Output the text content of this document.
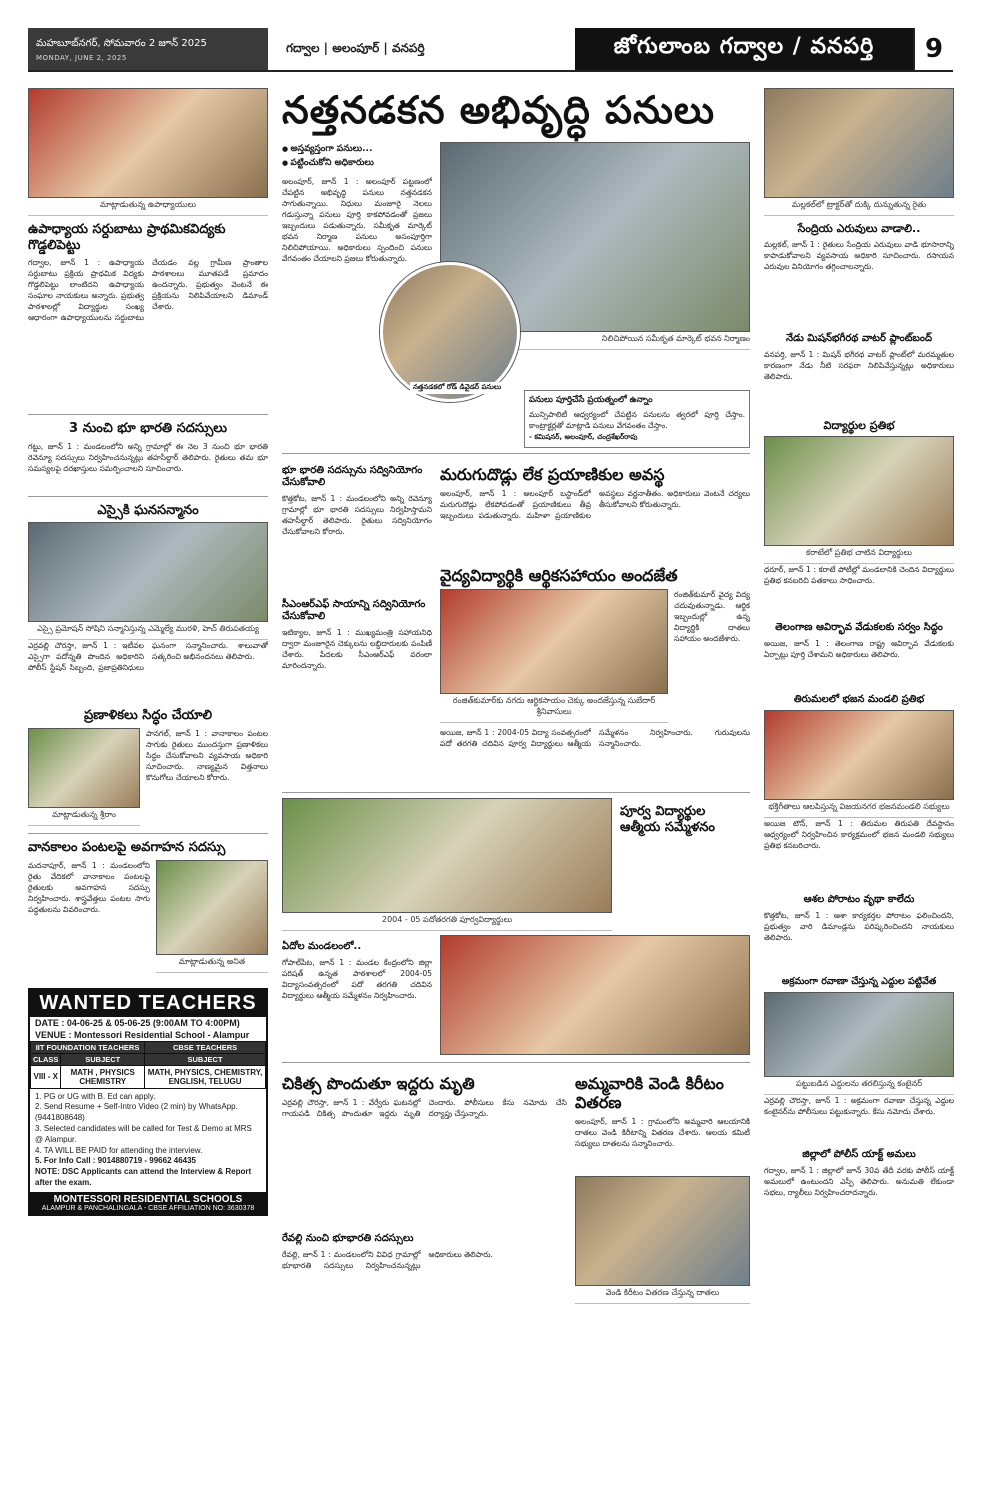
మహబూబ్‌నగర్, సోమవారం 2 జూన్ 2025
MONDAY, JUNE 2, 2025
గద్వాల | అలంపూర్ | వనపర్తి	జోగులాంబ గద్వాల / వనపర్తి	9
మాట్లాడుతున్న ఉపాధ్యాయులు
ఉపాధ్యాయ సర్దుబాటు ప్రాథమికవిద్యకు గొడ్డలిపెట్టు
గద్వాల, జూన్ 1 : ఉపాధ్యాయ సర్దుబాటు ప్రక్రియ ప్రాథమిక విద్యకు గొడ్డలిపెట్టు లాంటిదని ఉపాధ్యాయ సంఘాల నాయకులు అన్నారు. ప్రభుత్వ పాఠశాలల్లో విద్యార్థుల సంఖ్య ఆధారంగా ఉపాధ్యాయులను సర్దుబాటు చేయడం వల్ల గ్రామీణ ప్రాంతాల పాఠశాలలు మూతపడే ప్రమాదం ఉందన్నారు. ప్రభుత్వం వెంటనే ఈ ప్రక్రియను నిలిపివేయాలని డిమాండ్ చేశారు.
3 నుంచి భూ భారతి సదస్సులు
గట్టు, జూన్ 1 : మండలంలోని అన్ని గ్రామాల్లో ఈ నెల 3 నుంచి భూ భారతి రెవెన్యూ సదస్సులు నిర్వహించనున్నట్లు తహసీల్దార్ తెలిపారు. రైతులు తమ భూ సమస్యలపై దరఖాస్తులు సమర్పించాలని సూచించారు.
ఎస్సైకి ఘనసన్మానం
ఎస్సై ప్రమోషన్ సోషిని సన్మానిస్తున్న ఎమ్మెల్యే మురళి, హెచ్ తిరుపతయ్య
ఎర్రవల్లి చౌరస్తా, జూన్ 1 : ఇటీవల ఎస్సైగా పదోన్నతి పొందిన అధికారిని పోలీస్ స్టేషన్ సిబ్బంది, ప్రజాప్రతినిధులు ఘనంగా సన్మానించారు. శాలువాతో సత్కరించి అభినందనలు తెలిపారు.
ప్రణాళికలు సిద్ధం చేయాలి
మాట్లాడుతున్న శ్రీరాం
పానగల్, జూన్ 1 : వానాకాలం పంటల సాగుకు రైతులు ముందస్తుగా ప్రణాళికలు సిద్ధం చేసుకోవాలని వ్యవసాయ అధికారి సూచించారు. నాణ్యమైన విత్తనాలు కొనుగోలు చేయాలని కోరారు.
వానకాలం పంటలపై అవగాహన సదస్సు
మదనాపూర్, జూన్ 1 : మండలంలోని రైతు వేదికలో వానాకాలం పంటలపై రైతులకు అవగాహన సదస్సు నిర్వహించారు. శాస్త్రవేత్తలు పంటల సాగు పద్ధతులను వివరించారు.
మాట్లాడుతున్న అనిత
WANTED TEACHERS
DATE : 04-06-25 & 05-06-25 (9:00AM TO 4:00PM)
VENUE : Montessori Residential School - Alampur
IIT FOUNDATION TEACHERS		CBSE TEACHERS
CLASS	SUBJECT	SUBJECT
VIII - X	MATH , PHYSICS CHEMISTRY	MATH, PHYSICS, CHEMISTRY, ENGLISH, TELUGU
1. PG or UG with B. Ed can apply.
2. Send Resume + Self-Intro Video (2 min) by WhatsApp. (9441808648)
3. Selected candidates will be called for Test & Demo at MRS @ Alampur.
4. TA WILL BE PAID for attending the interview.
5. For Info Call : 9014880719 - 99662 46435
NOTE: DSC Applicants can attend the Interview & Report after the exam.
MONTESSORI RESIDENTIAL SCHOOLS
ALAMPUR & PANCHALINGALA - CBSE AFFILIATION NO: 3630378
నత్తనడకన అభివృద్ధి పనులు
● అస్తవ్యస్తంగా పనులు...
● పట్టించుకోని అధికారులు
అలంపూర్, జూన్ 1 : అలంపూర్ పట్టణంలో చేపట్టిన అభివృద్ధి పనులు నత్తనడకన సాగుతున్నాయి. నిధులు మంజూరై నెలలు గడుస్తున్నా పనులు పూర్తి కాకపోవడంతో ప్రజలు ఇబ్బందులు పడుతున్నారు. సమీకృత మార్కెట్ భవన నిర్మాణ పనులు అసంపూర్తిగా నిలిచిపోయాయి. అధికారులు స్పందించి పనులు వేగవంతం చేయాలని ప్రజలు కోరుతున్నారు.
నిలిచిపోయిన సమీకృత మార్కెట్ భవన నిర్మాణం
నత్తనడకలో రోడ్ డివైడర్ పనులు
పనులు పూర్తిచేసే ప్రయత్నంలో ఉన్నాం
మున్సిపాలిటీ ఆధ్వర్యంలో చేపట్టిన పనులను త్వరలో పూర్తి చేస్తాం. కాంట్రాక్టర్లతో మాట్లాడి పనులు వేగవంతం చేస్తాం.
- కమిషనర్, అలంపూర్, చంద్రశేఖర్‌రావు
భూ భారతి సదస్సును సద్వినియోగం చేసుకోవాలి
కొత్తకోట, జూన్ 1 : మండలంలోని అన్ని రెవెన్యూ గ్రామాల్లో భూ భారతి సదస్సులు నిర్వహిస్తామని తహసీల్దార్ తెలిపారు. రైతులు సద్వినియోగం చేసుకోవాలని కోరారు.
సీఎంఆర్‌ఎఫ్ సాయాన్ని సద్వినియోగం చేసుకోవాలి
ఇటిక్యాల, జూన్ 1 : ముఖ్యమంత్రి సహాయనిధి ద్వారా మంజూరైన చెక్కులను లబ్ధిదారులకు పంపిణీ చేశారు. పేదలకు సీఎంఆర్‌ఎఫ్ వరంలా మారిందన్నారు.
మరుగుదొడ్లు లేక ప్రయాణికుల అవస్థ
అలంపూర్, జూన్ 1 : అలంపూర్ బస్టాండ్‌లో మరుగుదొడ్లు లేకపోవడంతో ప్రయాణికులు తీవ్ర ఇబ్బందులు పడుతున్నారు. మహిళా ప్రయాణికుల అవస్థలు వర్ణనాతీతం. అధికారులు వెంటనే చర్యలు తీసుకోవాలని కోరుతున్నారు.
వైద్యవిద్యార్థికి ఆర్థికసహాయం అందజేత
రంజిత్‌కుమార్‌కు నగదు ఆర్థికసాయం చెక్కు అందజేస్తున్న సుబేదార్ శ్రీనివాసులు
రంజిత్‌కుమార్ వైద్య విద్య చదువుతున్నాడు. ఆర్థిక ఇబ్బందుల్లో ఉన్న విద్యార్థికి దాతలు సహాయం అందజేశారు.
అయిజ, జూన్ 1 : 2004-05 విద్యా సంవత్సరంలో పదో తరగతి చదివిన పూర్వ విద్యార్థులు ఆత్మీయ సమ్మేళనం నిర్వహించారు. గురువులను సన్మానించారు.
2004 - 05 పదోతరగతి పూర్వవిద్యార్థులు
పూర్వ విద్యార్థుల ఆత్మీయ సమ్మేళనం
ఏదోల మండలంలో..
గోపాల్‌పేట, జూన్ 1 : మండల కేంద్రంలోని జిల్లా పరిషత్ ఉన్నత పాఠశాలలో 2004-05 విద్యాసంవత్సరంలో పదో తరగతి చదివిన విద్యార్థులు ఆత్మీయ సమ్మేళనం నిర్వహించారు.
చికిత్స పొందుతూ ఇద్దరు మృతి
ఎర్రవల్లి చౌరస్తా, జూన్ 1 : వేర్వేరు ఘటనల్లో గాయపడి చికిత్స పొందుతూ ఇద్దరు మృతి చెందారు. పోలీసులు కేసు నమోదు చేసి దర్యాప్తు చేస్తున్నారు.
రేవల్లి నుంచి భూభారతి సదస్సులు
రేవల్లి, జూన్ 1 : మండలంలోని వివిధ గ్రామాల్లో భూభారతి సదస్సులు నిర్వహించనున్నట్లు అధికారులు తెలిపారు.
అమ్మవారికి వెండి కిరీటం వితరణ
అలంపూర్, జూన్ 1 : గ్రామంలోని అమ్మవారి ఆలయానికి దాతలు వెండి కిరీటాన్ని వితరణ చేశారు. ఆలయ కమిటీ సభ్యులు దాతలను సన్మానించారు.
వెండి కిరీటం వితరణ చేస్తున్న దాతలు
మల్లకల్‌లో ట్రాక్టర్‌తో దుక్కి దున్నుతున్న రైతు
సేంద్రియ ఎరువులు వాడాలి..
మల్లకల్, జూన్ 1 : రైతులు సేంద్రియ ఎరువులు వాడి భూసారాన్ని కాపాడుకోవాలని వ్యవసాయ అధికారి సూచించారు. రసాయన ఎరువుల వినియోగం తగ్గించాలన్నారు.
నేడు మిషన్‌భగీరథ వాటర్ ప్లాంట్‌బంద్
వనపర్తి, జూన్ 1 : మిషన్ భగీరథ వాటర్ ప్లాంట్‌లో మరమ్మతుల కారణంగా నేడు నీటి సరఫరా నిలిపివేస్తున్నట్లు అధికారులు తెలిపారు.
విద్యార్థుల ప్రతిభ
కరాటేలో ప్రతిభ చాటిన విద్యార్థులు
ధరూర్, జూన్ 1 : కరాటే పోటీల్లో మండలానికి చెందిన విద్యార్థులు ప్రతిభ కనబరిచి పతకాలు సాధించారు.
తెలంగాణ ఆవిర్భావ వేడుకలకు సర్వం సిద్ధం
అయిజ, జూన్ 1 : తెలంగాణ రాష్ట్ర ఆవిర్భావ వేడుకలకు ఏర్పాట్లు పూర్తి చేశామని అధికారులు తెలిపారు.
తిరుమలలో భజన మండలి ప్రతిభ
భక్తిగీతాలు ఆలపిస్తున్న విజయనగర భజనమండలి సభ్యులు
అయిజ టౌన్, జూన్ 1 : తిరుమల తిరుపతి దేవస్థానం ఆధ్వర్యంలో నిర్వహించిన కార్యక్రమంలో భజన మండలి సభ్యులు ప్రతిభ కనబరిచారు.
ఆశల పోరాటం వృథా కాలేదు
కొత్తకోట, జూన్ 1 : ఆశా కార్యకర్తల పోరాటం ఫలించిందని, ప్రభుత్వం వారి డిమాండ్లను పరిష్కరించిందని నాయకులు తెలిపారు.
అక్రమంగా రవాణా చేస్తున్న ఎద్దుల పట్టివేత
పట్టుబడిన ఎద్దులను తరలిస్తున్న కంటైనర్
ఎర్రవల్లి చౌరస్తా, జూన్ 1 : అక్రమంగా రవాణా చేస్తున్న ఎద్దుల కంటైనర్‌ను పోలీసులు పట్టుకున్నారు. కేసు నమోదు చేశారు.
జిల్లాలో పోలీస్ యాక్ట్ అమలు
గద్వాల, జూన్ 1 : జిల్లాలో జూన్ 30వ తేదీ వరకు పోలీస్ యాక్ట్ అమలులో ఉంటుందని ఎస్పీ తెలిపారు. అనుమతి లేకుండా సభలు, ర్యాలీలు నిర్వహించరాదన్నారు.
